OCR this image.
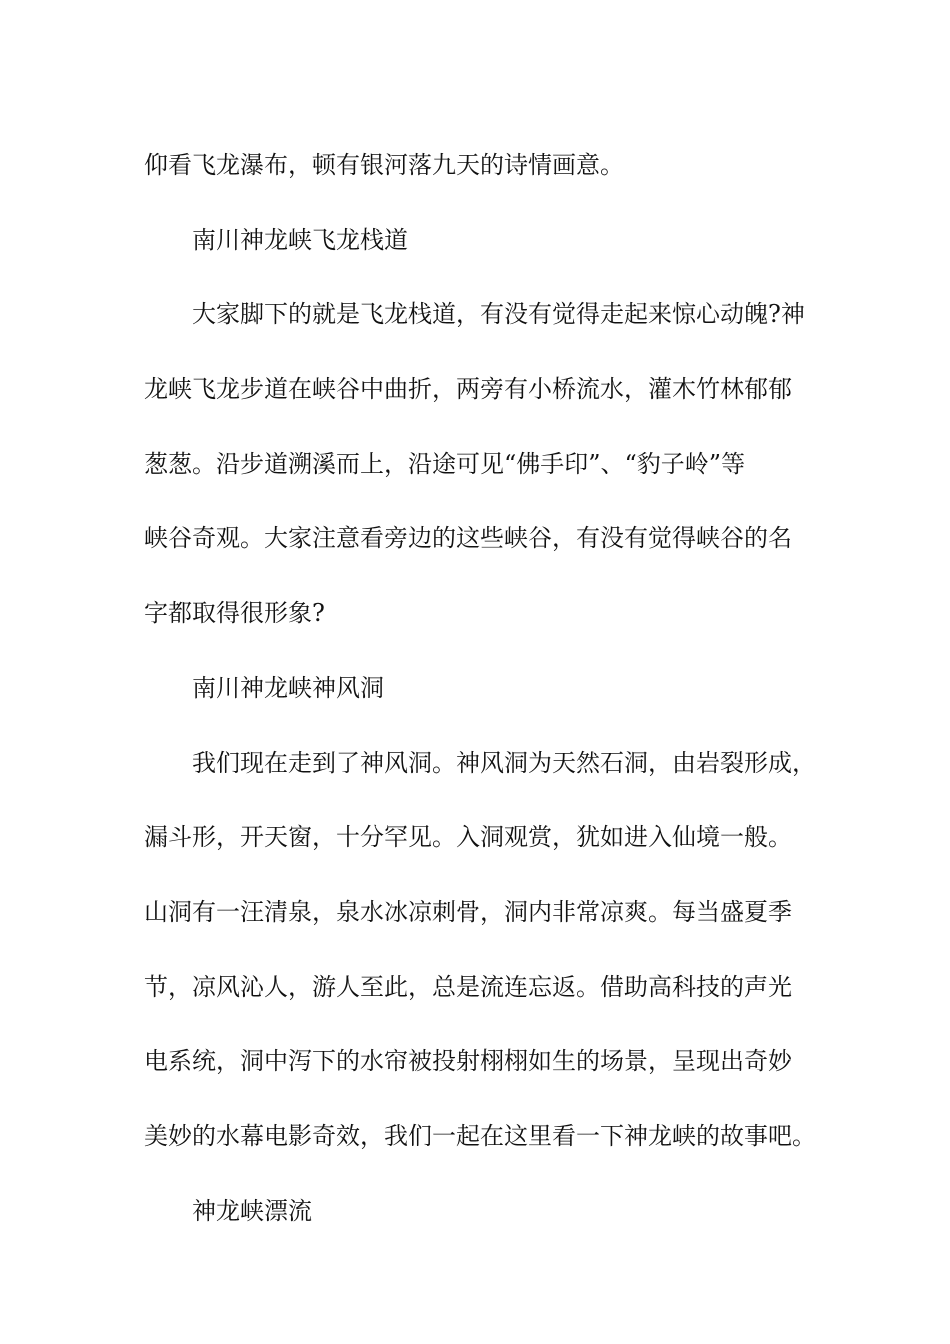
仰看飞龙瀑布，顿有银河落九天的诗情画意。
南川神龙峡飞龙栈道
大家脚下的就是飞龙栈道，有没有觉得走起来惊心动魄?神
龙峡飞龙步道在峡谷中曲折，两旁有小桥流水，灌木竹林郁郁
葱葱。沿步道溯溪而上，沿途可见“佛手印”、“豹子岭”等
峡谷奇观。大家注意看旁边的这些峡谷，有没有觉得峡谷的名
字都取得很形象?
南川神龙峡神风洞
我们现在走到了神风洞。神风洞为天然石洞，由岩裂形成，
漏斗形，开天窗，十分罕见。入洞观赏，犹如进入仙境一般。
山洞有一汪清泉，泉水冰凉刺骨，洞内非常凉爽。每当盛夏季
节，凉风沁人，游人至此，总是流连忘返。借助高科技的声光
电系统，洞中泻下的水帘被投射栩栩如生的场景，呈现出奇妙
美妙的水幕电影奇效，我们一起在这里看一下神龙峡的故事吧。
神龙峡漂流
